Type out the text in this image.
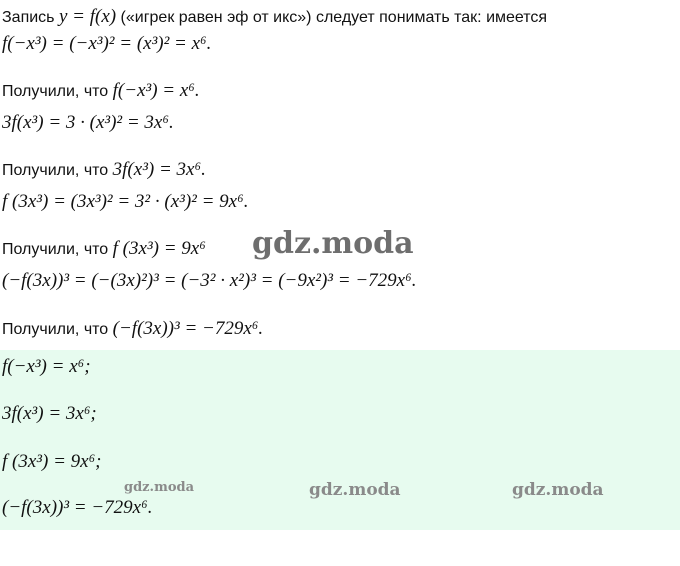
Запись y = f(x) («игрек равен эф от икс») следует понимать так: имеется
f(−x³) = (−x³)² = (x³)² = x⁶.
Получили, что f(−x³) = x⁶.
3f(x³) = 3 · (x³)² = 3x⁶.
Получили, что 3f(x³) = 3x⁶.
f (3x³) = (3x³)² = 3² · (x³)² = 9x⁶.
Получили, что f (3x³) = 9x⁶ gdz.moda
(−f(3x))³ = (−(3x)²)³ = (−3² · x²)³ = (−9x²)³ = −729x⁶.
Получили, что (−f(3x))³ = −729x⁶.
f(−x³) = x⁶;
3f(x³) = 3x⁶;
f (3x³) = 9x⁶;
gdz.moda	gdz.moda	gdz.moda
(−f(3x))³ = −729x⁶.
